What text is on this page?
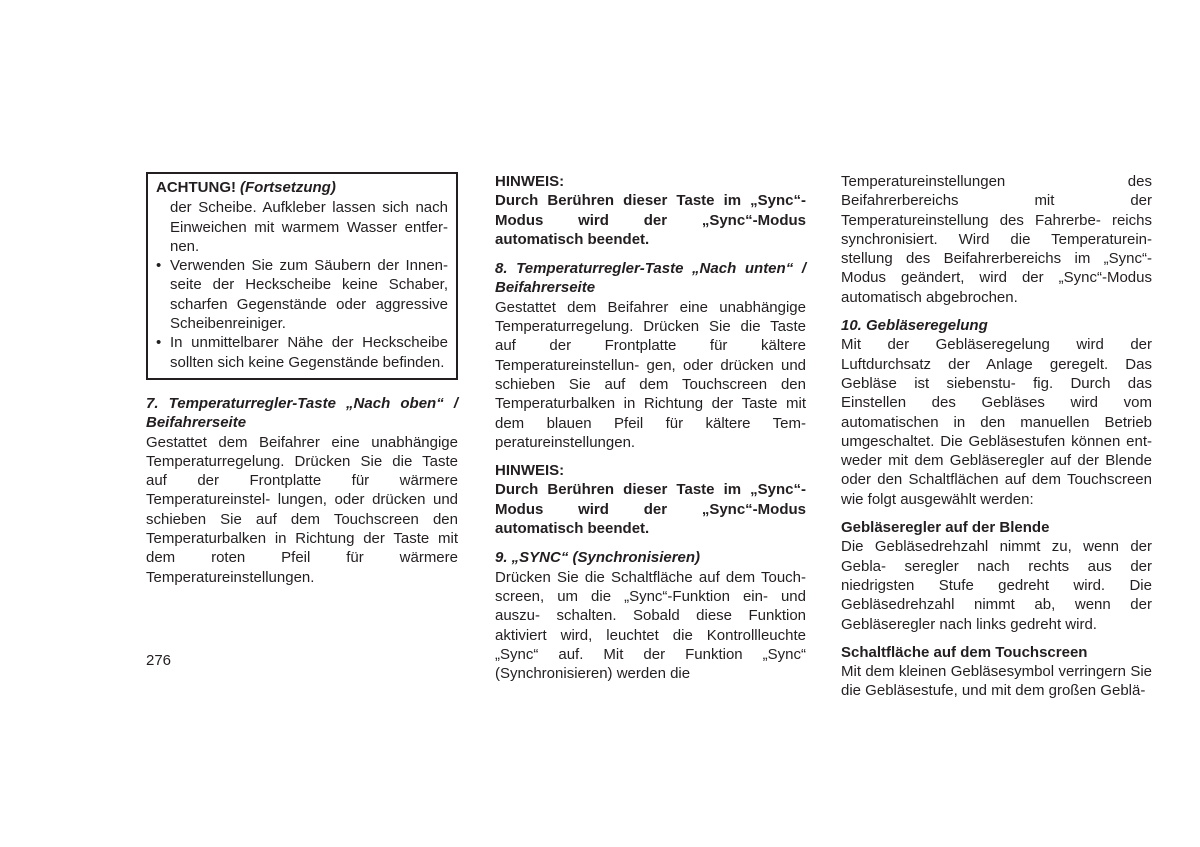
ACHTUNG! (Fortsetzung)
der Scheibe. Aufkleber lassen sich nach Einweichen mit warmem Wasser entfer- nen.
• Verwenden Sie zum Säubern der Innen- seite der Heckscheibe keine Schaber, scharfen Gegenstände oder aggressive Scheibenreiniger.
• In unmittelbarer Nähe der Heckscheibe sollten sich keine Gegenstände befinden.

7. Temperaturregler-Taste „Nach oben“ / Beifahrerseite

Gestattet dem Beifahrer eine unabhängige Temperaturregelung. Drücken Sie die Taste auf der Frontplatte für wärmere Temperatureinstel- lungen, oder drücken und schieben Sie auf dem Touchscreen den Temperaturbalken in Richtung der Taste mit dem roten Pfeil für wärmere Temperatureinstellungen.

HINWEIS:

Durch Berühren dieser Taste im „Sync“- Modus wird der „Sync“-Modus automatisch beendet.

8. Temperaturregler-Taste „Nach unten“ / Beifahrerseite

Gestattet dem Beifahrer eine unabhängige Temperaturregelung. Drücken Sie die Taste auf der Frontplatte für kältere Temperatureinstellun- gen, oder drücken und schieben Sie auf dem Touchscreen den Temperaturbalken in Richtung der Taste mit dem blauen Pfeil für kältere Tem- peratureinstellungen.

HINWEIS:

Durch Berühren dieser Taste im „Sync“- Modus wird der „Sync“-Modus automatisch beendet.

9. „SYNC“ (Synchronisieren)

Drücken Sie die Schaltfläche auf dem Touch- screen, um die „Sync“-Funktion ein- und auszu- schalten. Sobald diese Funktion aktiviert wird, leuchtet die Kontrollleuchte „Sync“ auf. Mit der Funktion „Sync“ (Synchronisieren) werden die

Temperatureinstellungen des Beifahrerbereichs mit der Temperatureinstellung des Fahrerbe- reichs synchronisiert. Wird die Temperaturein- stellung des Beifahrerbereichs im „Sync“- Modus geändert, wird der „Sync“-Modus automatisch abgebrochen.

10. Gebläseregelung

Mit der Gebläseregelung wird der Luftdurchsatz der Anlage geregelt. Das Gebläse ist siebenstu- fig. Durch das Einstellen des Gebläses wird vom automatischen in den manuellen Betrieb umgeschaltet. Die Gebläsestufen können ent- weder mit dem Gebläseregler auf der Blende oder den Schaltflächen auf dem Touchscreen wie folgt ausgewählt werden:

Gebläseregler auf der Blende

Die Gebläsedrehzahl nimmt zu, wenn der Gebla- seregler nach rechts aus der niedrigsten Stufe gedreht wird. Die Gebläsedrehzahl nimmt ab, wenn der Gebläseregler nach links gedreht wird.

Schaltfläche auf dem Touchscreen

Mit dem kleinen Gebläsesymbol verringern Sie die Gebläsestufe, und mit dem großen Geblä-

276
